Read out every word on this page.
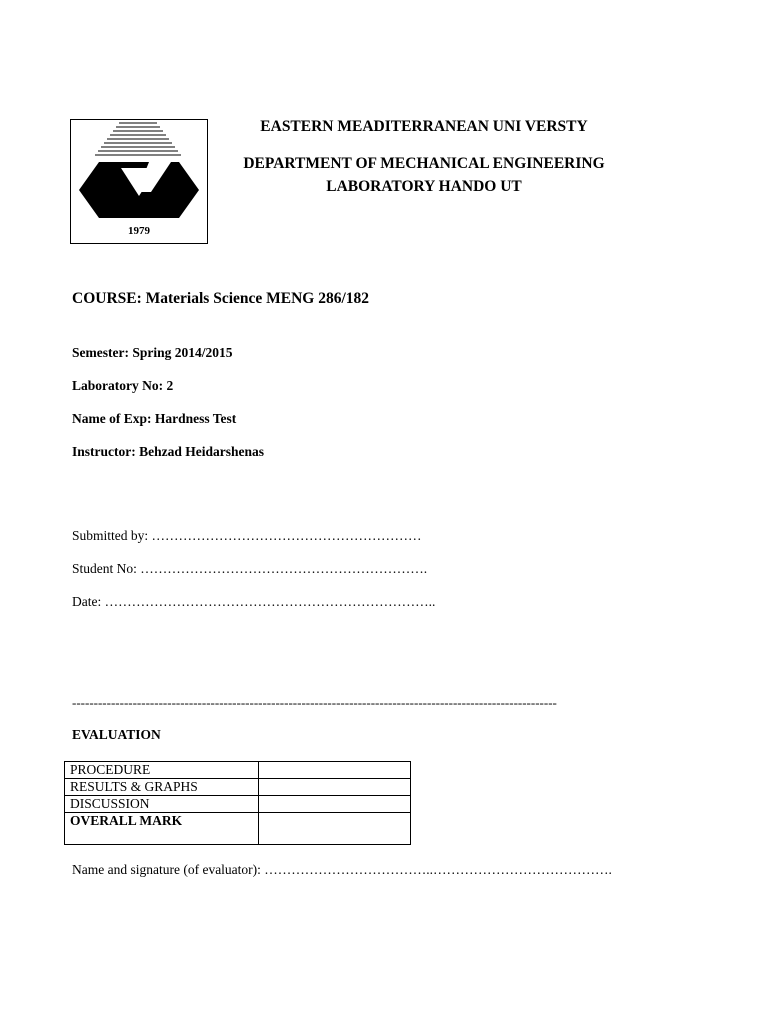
1979
EASTERN MEADITERRANEAN UNI VERSTY
DEPARTMENT OF MECHANICAL ENGINEERING
LABORATORY HANDO UT
COURSE: Materials Science MENG 286/182
Semester: Spring 2014/2015
Laboratory No: 2
Name of Exp: Hardness Test
Instructor: Behzad Heidarshenas
Submitted by: ……………………………………………………
Student No: ……………………………………………………….
Date: ………………………………………………………………..
----------------------------------------------------------------------------------------------------------------
EVALUATION
PROCEDURE	
RESULTS & GRAPHS	
DISCUSSION	
OVERALL MARK	
Name and signature (of evaluator): ………………………………..………………………………….
